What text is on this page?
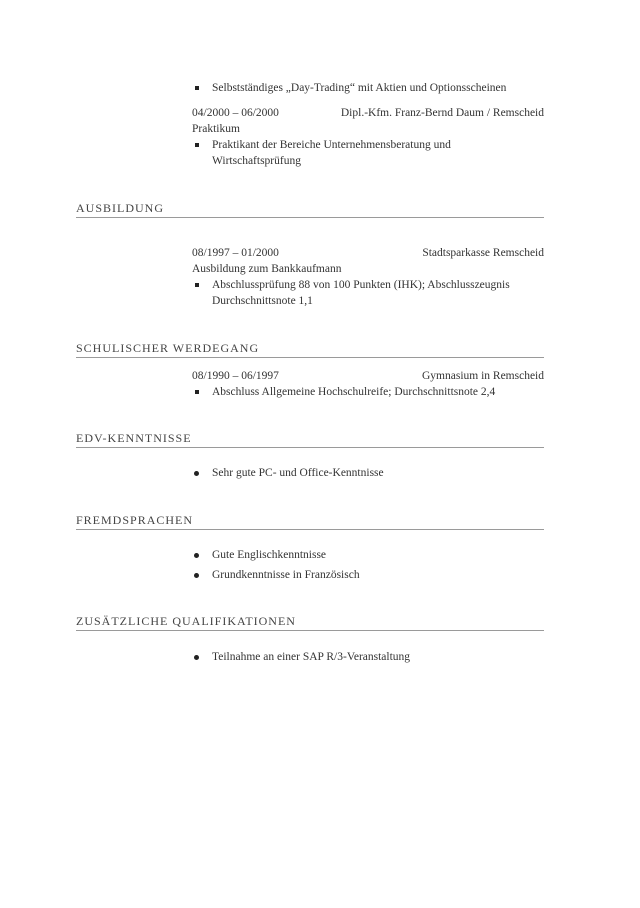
Selbstständiges „Day-Trading“ mit Aktien und Optionsscheinen
04/2000 – 06/2000	Dipl.-Kfm. Franz-Bernd Daum / Remscheid
Praktikum
Praktikant der Bereiche Unternehmensberatung und
Wirtschaftsprüfung
AUSBILDUNG
08/1997 – 01/2000	Stadtsparkasse Remscheid
Ausbildung zum Bankkaufmann
Abschlussprüfung 88 von 100 Punkten (IHK); Abschlusszeugnis
Durchschnittsnote 1,1
SCHULISCHER WERDEGANG
08/1990 – 06/1997	Gymnasium in Remscheid
Abschluss Allgemeine Hochschulreife; Durchschnittsnote 2,4
EDV-KENNTNISSE
Sehr gute PC- und Office-Kenntnisse
FREMDSPRACHEN
Gute Englischkenntnisse
Grundkenntnisse in Französisch
ZUSÄTZLICHE QUALIFIKATIONEN
Teilnahme an einer SAP R/3-Veranstaltung
